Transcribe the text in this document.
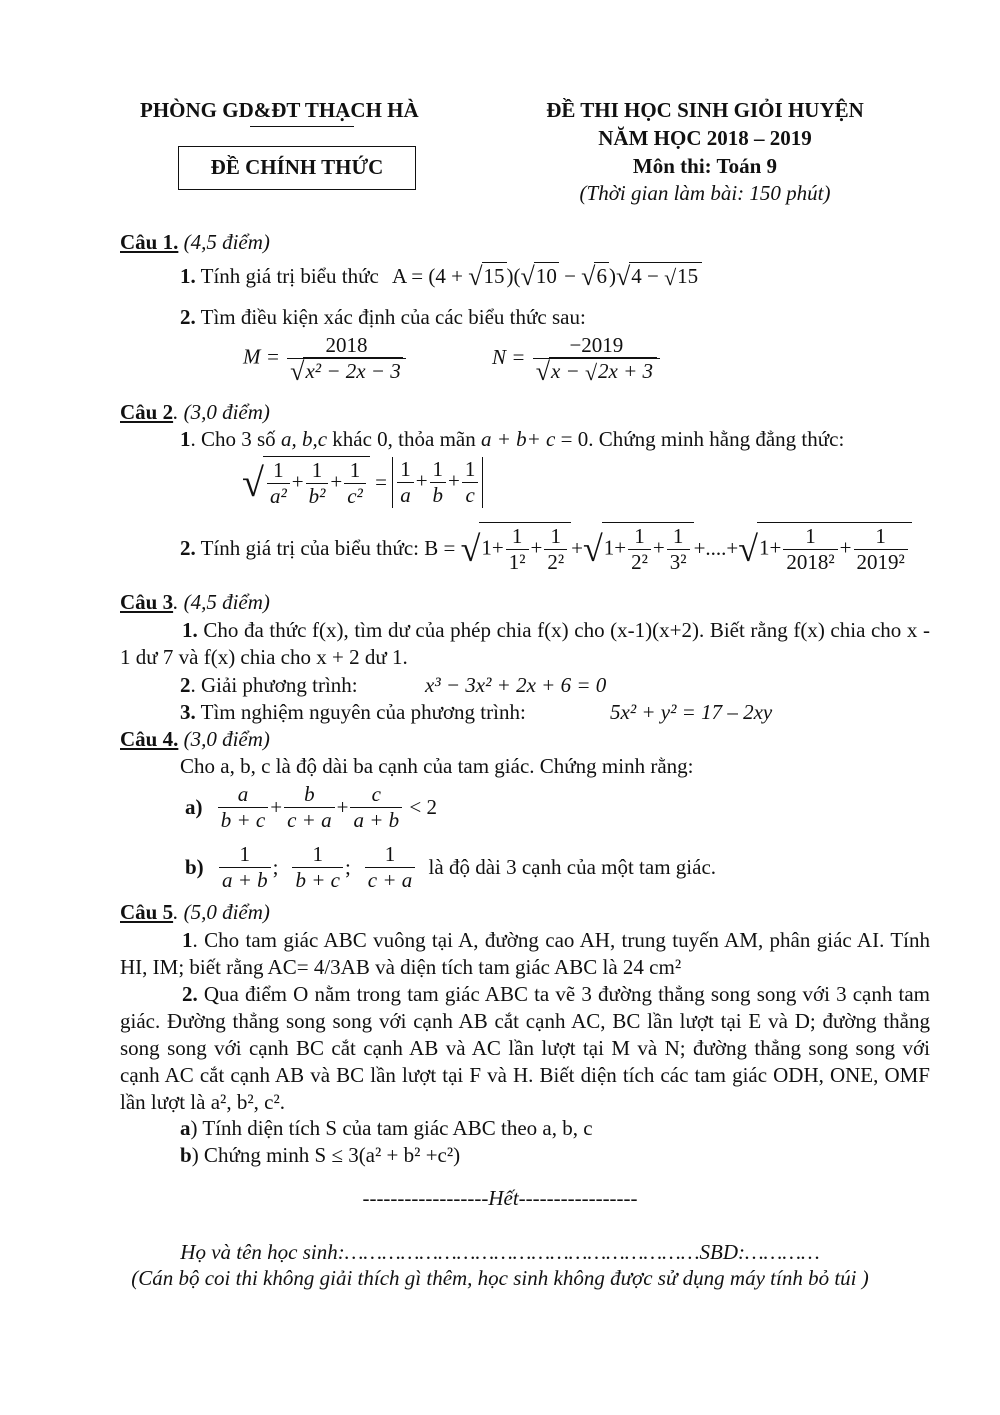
PHÒNG GD&ĐT THẠCH HÀ
ĐỀ CHÍNH THỨC
ĐỀ THI HỌC SINH GIỎI HUYỆN
NĂM HỌC 2018 – 2019
Môn thi: Toán 9
(Thời gian làm bài: 150 phút)
Câu 1. (4,5 điểm)
1. Tính giá trị biểu thức A = (4 + √15)(√10 − √6)√4 − √15
2. Tìm điều kiện xác định của các biểu thức sau:
$M = \frac{2018}{\text{√x² − 2x − 3}}$	$N = \frac{-2019}{√x - √2x + 3}$
Câu 2. (3,0 điểm)
1. Cho 3 số a, b,c khác 0, thỏa mãn a + b+ c = 0. Chứng minh hằng đẳng thức:
√ $\frac{1}{\text{a²}} + \frac{1}{\text{b²}} + \frac{1}{\text{c²}} = \frac{1}{a} + \frac{1}{b} + \frac{1}{c}$
2. Tính giá trị của biểu thức: $B = √1+ \frac{1}{\text{1²}} + \frac{1}{\text{2²}} +√1+ \frac{1}{\text{2²}} + \frac{1}{\text{3²}} +....+√1+ \frac{1}{\text{2018²}} + \frac{1}{\text{2019²}}$
Câu 3. (4,5 điểm)
1. Cho đa thức f(x), tìm dư của phép chia f(x) cho (x-1)(x+2). Biết rằng f(x) chia cho x - 1 dư 7 và f(x) chia cho x + 2 dư 1.
2. Giải phương trình:	x³ − 3x² + 2x + 6 = 0
3. Tìm nghiệm nguyên của phương trình:	5x² + y² = 17 – 2xy
Câu 4. (3,0 điểm)
Cho a, b, c là độ dài ba cạnh của tam giác. Chứng minh rằng:
$a) \frac{a}{b + c} + \frac{b}{c + a} + \frac{c}{a + b} < 2$
$b) \frac{1}{a + b}$ ; $\frac{1}{b + c}$ ; $\frac{1}{c + a}$ là độ dài 3 cạnh của một tam giác.
Câu 5. (5,0 điểm)
1. Cho tam giác ABC vuông tại A, đường cao AH, trung tuyến AM, phân giác AI. Tính HI, IM; biết rằng AC= 4/3AB và diện tích tam giác ABC là 24 cm²
2. Qua điểm O nằm trong tam giác ABC ta vẽ 3 đường thẳng song song với 3 cạnh tam giác. Đường thẳng song song với cạnh AB cắt cạnh AC, BC lần lượt tại E và D; đường thẳng song song với cạnh BC cắt cạnh AB và AC lần lượt tại M và N; đường thẳng song song với cạnh AC cắt cạnh AB và BC lần lượt tại F và H. Biết diện tích các tam giác ODH, ONE, OMF lần lượt là a², b², c².
a) Tính diện tích S của tam giác ABC theo a, b, c
b) Chứng minh S ≤ 3(a² + b² +c²)
------------------Hết-----------------
Họ và tên học sinh:…………………………………………………SBD:…………
(Cán bộ coi thi không giải thích gì thêm, học sinh không được sử dụng máy tính bỏ túi )
